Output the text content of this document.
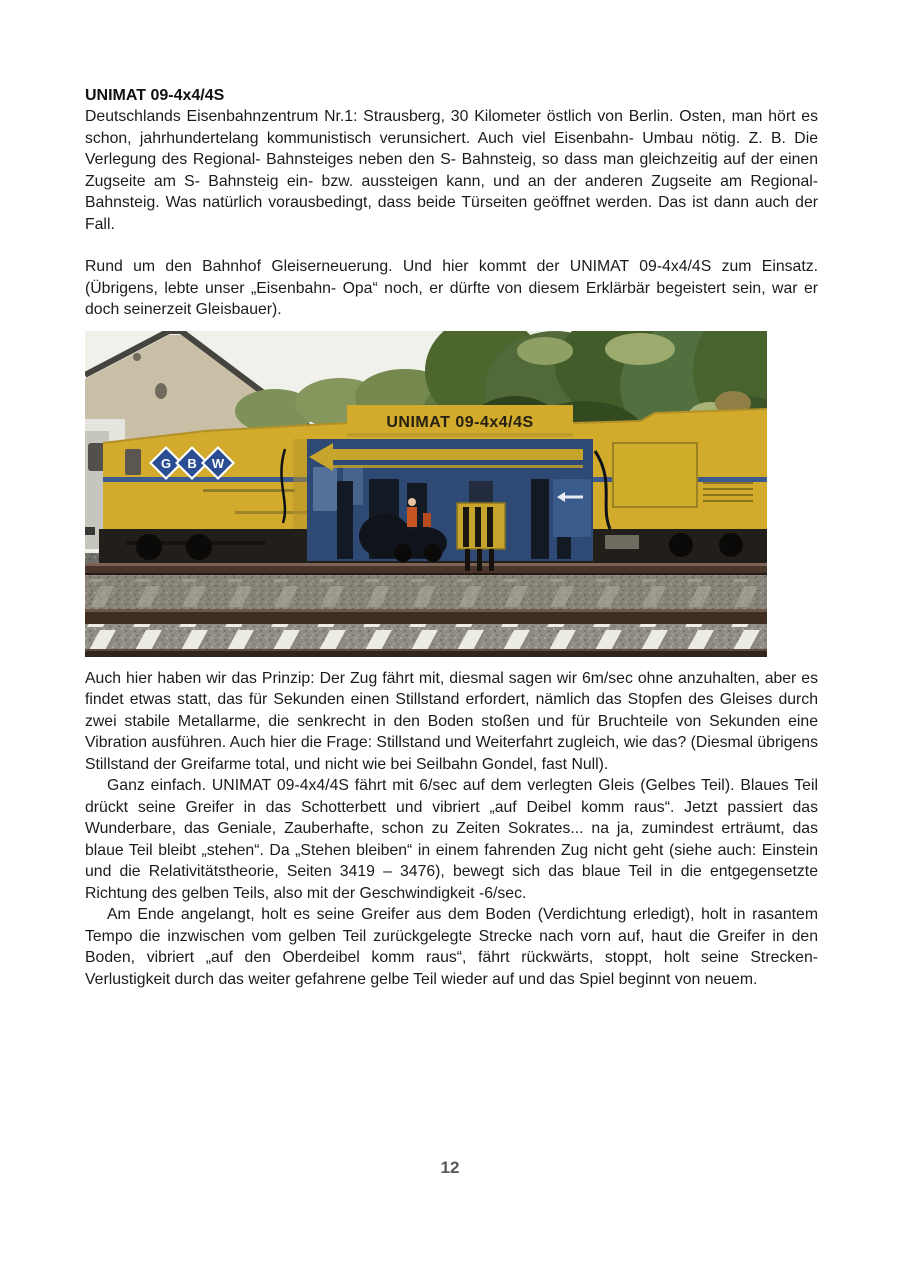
UNIMAT 09-4x4/4S

Deutschlands Eisenbahnzentrum Nr.1: Strausberg, 30 Kilometer östlich von Berlin. Osten, man hört es schon, jahrhundertelang kommunistisch verunsichert. Auch viel Eisenbahn- Umbau nötig. Z. B. Die Verlegung des Regional- Bahnsteiges neben den S- Bahnsteig, so dass man gleichzeitig auf der einen Zugseite am S- Bahnsteig ein- bzw. aussteigen kann, und an der anderen Zugseite am Regional- Bahnsteig. Was natürlich vorausbedingt, dass beide Türseiten geöffnet werden. Das ist dann auch der Fall.

Rund um den Bahnhof Gleiserneuerung. Und hier kommt der UNIMAT 09-4x4/4S zum Einsatz. (Übrigens, lebte unser „Eisenbahn- Opa“ noch, er dürfte von diesem Erklärbär begeistert sein, war er doch seinerzeit Gleisbauer).

UNIMAT 09-4x4/4S
G B W

Auch hier haben wir das Prinzip: Der Zug fährt mit, diesmal sagen wir 6m/sec ohne anzuhalten, aber es findet etwas statt, das für Sekunden einen Stillstand erfordert, nämlich das Stopfen des Gleises durch zwei stabile Metallarme, die senkrecht in den Boden stoßen und für Bruchteile von Sekunden eine Vibration ausführen. Auch hier die Frage: Stillstand und Weiterfahrt zugleich, wie das? (Diesmal übrigens Stillstand der Greifarme total, und nicht wie bei Seilbahn Gondel, fast Null).

Ganz einfach. UNIMAT 09-4x4/4S fährt mit 6/sec auf dem verlegten Gleis (Gelbes Teil). Blaues Teil drückt seine Greifer in das Schotterbett und vibriert „auf Deibel komm raus“. Jetzt passiert das Wunderbare, das Geniale, Zauberhafte, schon zu Zeiten Sokrates... na ja, zumindest erträumt, das blaue Teil bleibt „stehen“. Da „Stehen bleiben“ in einem fahrenden Zug nicht geht (siehe auch: Einstein und die Relativitätstheorie, Seiten 3419 – 3476), bewegt sich das blaue Teil in die entgegensetzte Richtung des gelben Teils, also mit der Geschwindigkeit -6/sec.

Am Ende angelangt, holt es seine Greifer aus dem Boden (Verdichtung erledigt), holt in rasantem Tempo die inzwischen vom gelben Teil zurückgelegte Strecke nach vorn auf, haut die Greifer in den Boden, vibriert „auf den Oberdeibel komm raus“, fährt rückwärts, stoppt, holt seine Strecken- Verlustigkeit durch das weiter gefahrene gelbe Teil wieder auf und das Spiel beginnt von neuem.

12
